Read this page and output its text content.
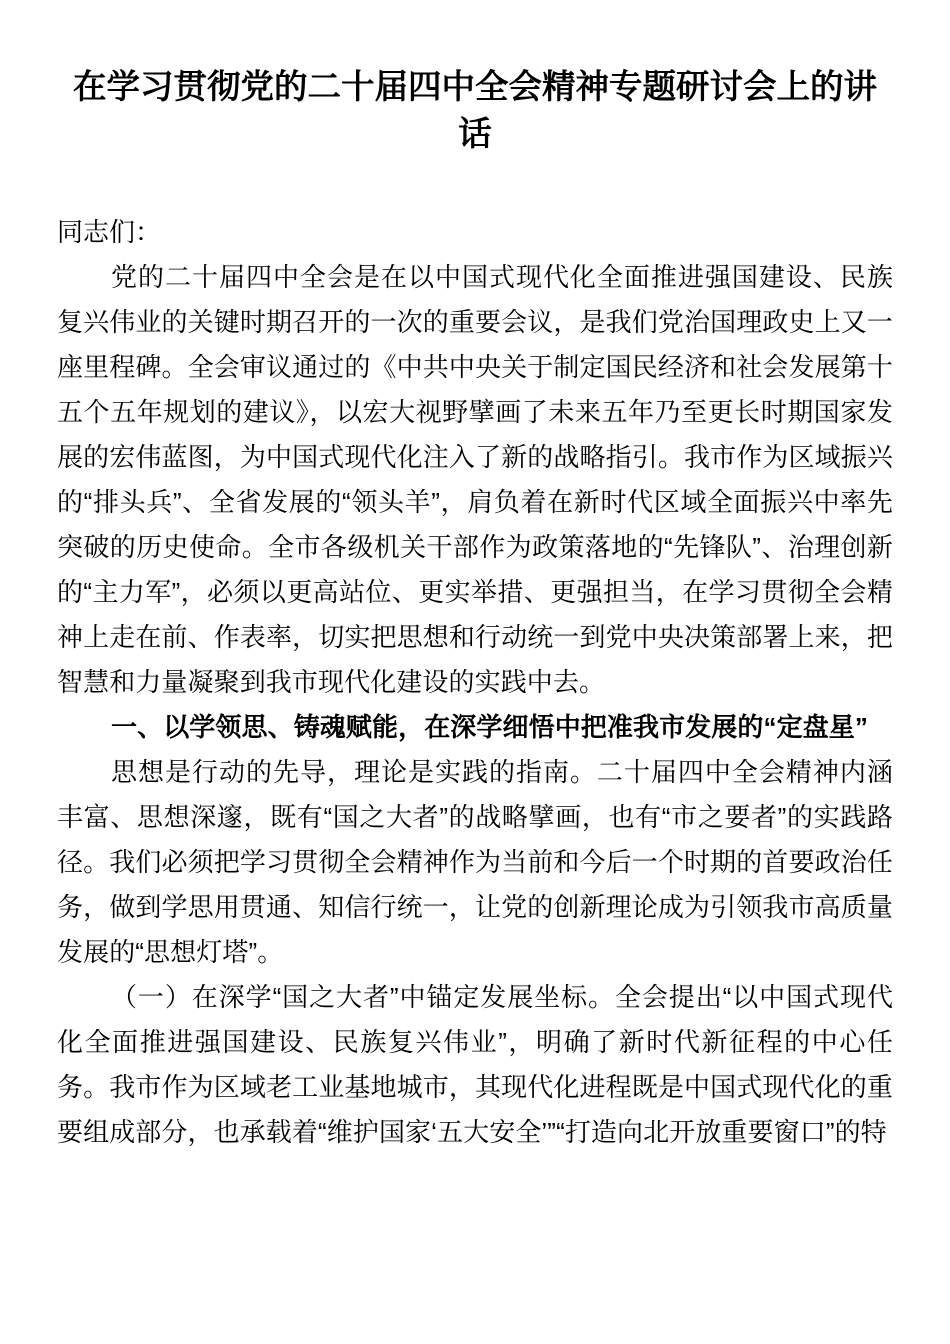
在学习贯彻党的二十届四中全会精神专题研讨会上的讲话

同志们：

党的二十届四中全会是在以中国式现代化全面推进强国建设、民族复兴伟业的关键时期召开的一次的重要会议，是我们党治国理政史上又一座里程碑。全会审议通过的《中共中央关于制定国民经济和社会发展第十五个五年规划的建议》，以宏大视野擘画了未来五年乃至更长时期国家发展的宏伟蓝图，为中国式现代化注入了新的战略指引。我市作为区域振兴的“排头兵”、全省发展的“领头羊”，肩负着在新时代区域全面振兴中率先突破的历史使命。全市各级机关干部作为政策落地的“先锋队”、治理创新的“主力军”，必须以更高站位、更实举措、更强担当，在学习贯彻全会精神上走在前、作表率，切实把思想和行动统一到党中央决策部署上来，把智慧和力量凝聚到我市现代化建设的实践中去。

一、以学领思、铸魂赋能，在深学细悟中把准我市发展的“定盘星”

思想是行动的先导，理论是实践的指南。二十届四中全会精神内涵丰富、思想深邃，既有“国之大者”的战略擘画，也有“市之要者”的实践路径。我们必须把学习贯彻全会精神作为当前和今后一个时期的首要政治任务，做到学思用贯通、知信行统一，让党的创新理论成为引领我市高质量发展的“思想灯塔”。

（一）在深学“国之大者”中锚定发展坐标。全会提出“以中国式现代化全面推进强国建设、民族复兴伟业”，明确了新时代新征程的中心任务。我市作为区域老工业基地城市，其现代化进程既是中国式现代化的重要组成部分，也承载着“维护国家‘五大安全’”“打造向北开放重要窗口”的特
